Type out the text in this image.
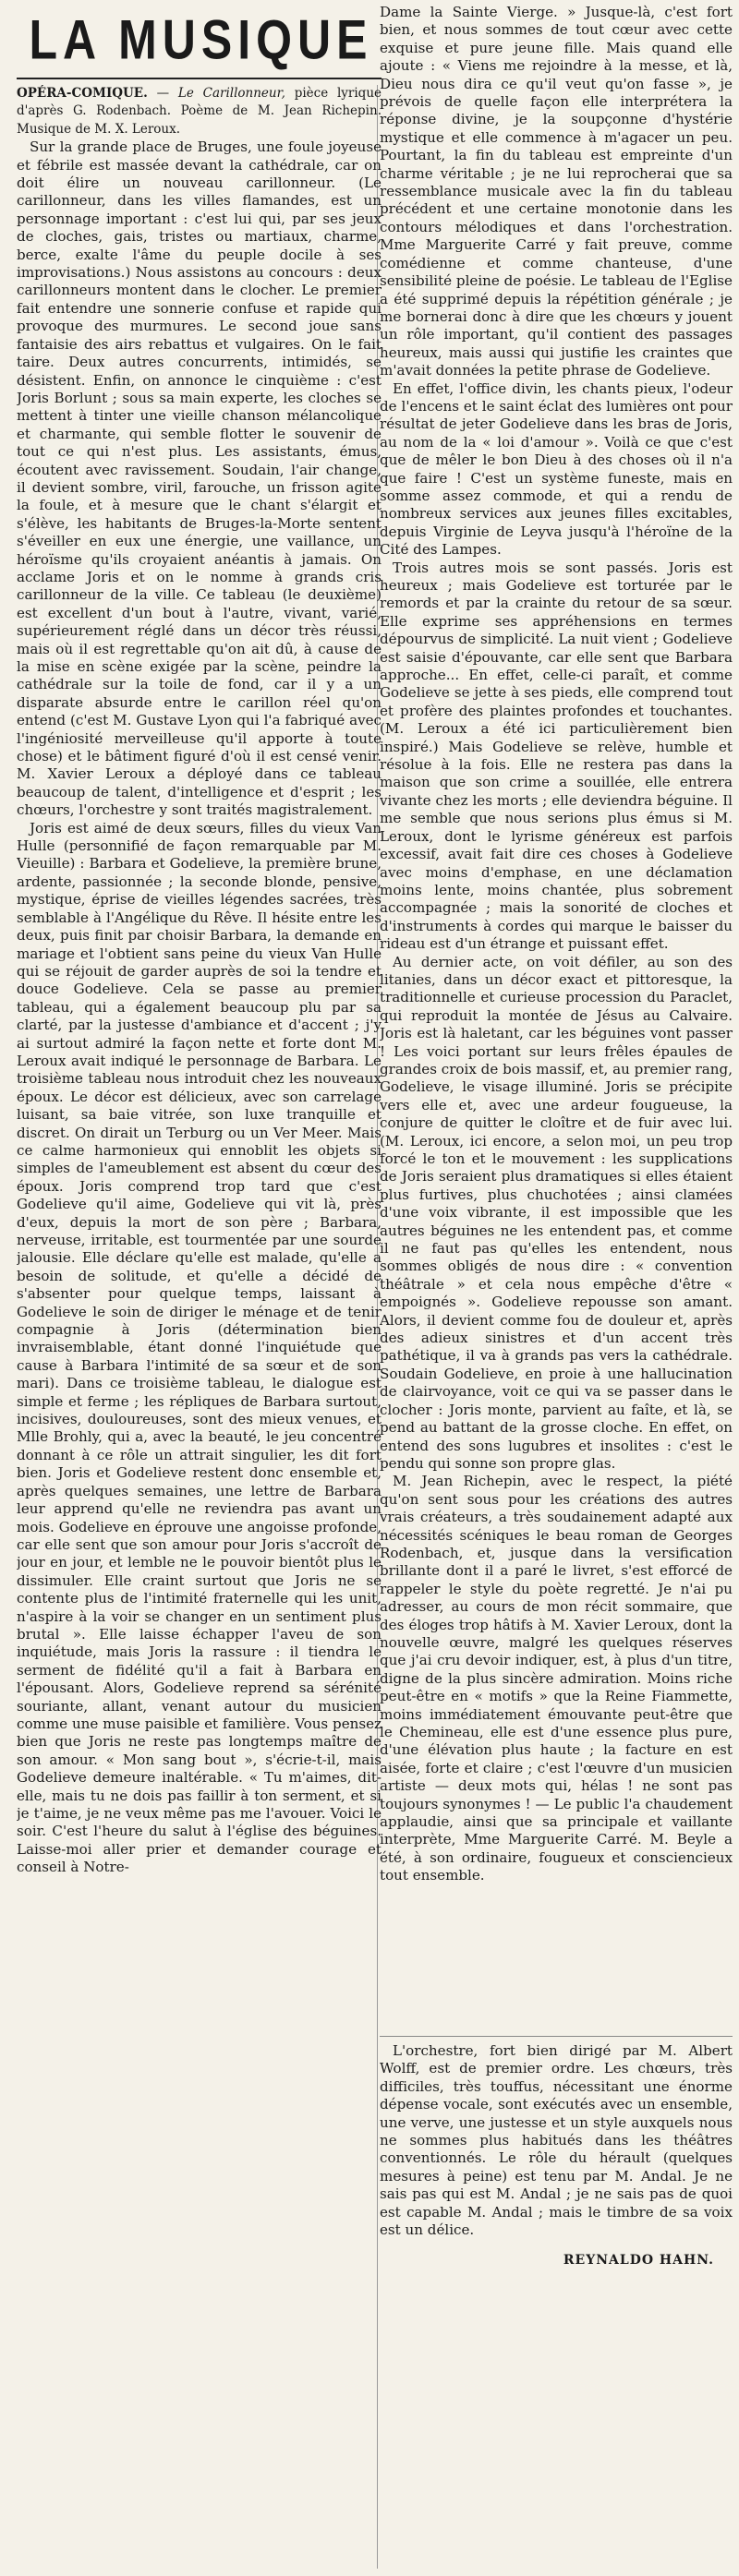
LA MUSIQUE

OPÉRA-COMIQUE. — Le Carillonneur, pièce lyrique d'après G. Rodenbach. Poème de M. Jean Richepin. Musique de M. X. Leroux.

Sur la grande place de Bruges, une foule joyeuse et fébrile est massée devant la cathédrale, car on doit élire un nouveau carillonneur. (Le carillonneur, dans les villes flamandes, est un personnage important : c'est lui qui, par ses jeux de cloches, gais, tristes ou martiaux, charme, berce, exalte l'âme du peuple docile à ses improvisations.) Nous assistons au concours : deux carillonneurs montent dans le clocher. Le premier fait entendre une sonnerie confuse et rapide qui provoque des murmures. Le second joue sans fantaisie des airs rebattus et vulgaires. On le fait taire. Deux autres concurrents, intimidés, se désistent. Enfin, on annonce le cinquième : c'est Joris Borlunt ; sous sa main experte, les cloches se mettent à tinter une vieille chanson mélancolique et charmante, qui semble flotter le souvenir de tout ce qui n'est plus. Les assistants, émus, écoutent avec ravissement. Soudain, l'air change, il devient sombre, viril, farouche, un frisson agite la foule, et à mesure que le chant s'élargit et s'élève, les habitants de Bruges-la-Morte sentent s'éveiller en eux une énergie, une vaillance, un héroïsme qu'ils croyaient anéantis à jamais. On acclame Joris et on le nomme à grands cris carillonneur de la ville. Ce tableau (le deuxième) est excellent d'un bout à l'autre, vivant, varié, supérieurement réglé dans un décor très réussi, mais où il est regrettable qu'on ait dû, à cause de la mise en scène exigée par la scène, peindre la cathédrale sur la toile de fond, car il y a un disparate absurde entre le carillon réel qu'on entend (c'est M. Gustave Lyon qui l'a fabriqué avec l'ingéniosité merveilleuse qu'il apporte à toute chose) et le bâtiment figuré d'où il est censé venir. M. Xavier Leroux a déployé dans ce tableau beaucoup de talent, d'intelligence et d'esprit ; les chœurs, l'orchestre y sont traités magistralement.

Joris est aimé de deux sœurs, filles du vieux Van Hulle (personnifié de façon remarquable par M. Vieuille) : Barbara et Godelieve, la première brune, ardente, passionnée ; la seconde blonde, pensive, mystique, éprise de vieilles légendes sacrées, très semblable à l'Angélique du Rêve. Il hésite entre les deux, puis finit par choisir Barbara, la demande en mariage et l'obtient sans peine du vieux Van Hulle qui se réjouit de garder auprès de soi la tendre et douce Godelieve. Cela se passe au premier tableau, qui a également beaucoup plu par sa clarté, par la justesse d'ambiance et d'accent ; j'y ai surtout admiré la façon nette et forte dont M. Leroux avait indiqué le personnage de Barbara. Le troisième tableau nous introduit chez les nouveaux époux. Le décor est délicieux, avec son carrelage luisant, sa baie vitrée, son luxe tranquille et discret. On dirait un Terburg ou un Ver Meer. Mais ce calme harmonieux qui ennoblit les objets si simples de l'ameublement est absent du cœur des époux. Joris comprend trop tard que c'est Godelieve qu'il aime, Godelieve qui vit là, près d'eux, depuis la mort de son père ; Barbara, nerveuse, irritable, est tourmentée par une sourde jalousie. Elle déclare qu'elle est malade, qu'elle a besoin de solitude, et qu'elle a décidé de s'absenter pour quelque temps, laissant à Godelieve le soin de diriger le ménage et de tenir compagnie à Joris (détermination bien invraisemblable, étant donné l'inquiétude que cause à Barbara l'intimité de sa sœur et de son mari). Dans ce troisième tableau, le dialogue est simple et ferme ; les répliques de Barbara surtout, incisives, douloureuses, sont des mieux venues, et Mlle Brohly, qui a, avec la beauté, le jeu concentré donnant à ce rôle un attrait singulier, les dit fort bien. Joris et Godelieve restent donc ensemble et, après quelques semaines, une lettre de Barbara leur apprend qu'elle ne reviendra pas avant un mois. Godelieve en éprouve une angoisse profonde, car elle sent que son amour pour Joris s'accroît de jour en jour, et lemble ne le pouvoir bientôt plus le dissimuler. Elle craint surtout que Joris ne se contente plus de l'intimité fraternelle qui les unit, n'aspire à la voir se changer en un sentiment plus brutal ». Elle laisse échapper l'aveu de son inquiétude, mais Joris la rassure : il tiendra le serment de fidélité qu'il a fait à Barbara en l'épousant. Alors, Godelieve reprend sa sérénité souriante, allant, venant autour du musicien comme une muse paisible et familière. Vous pensez bien que Joris ne reste pas longtemps maître de son amour. « Mon sang bout », s'écrie-t-il, mais Godelieve demeure inaltérable. « Tu m'aimes, dit-elle, mais tu ne dois pas faillir à ton serment, et si je t'aime, je ne veux même pas me l'avouer. Voici le soir. C'est l'heure du salut à l'église des béguines. Laisse-moi aller prier et demander courage et conseil à Notre-

Dame la Sainte Vierge. » Jusque-là, c'est fort bien, et nous sommes de tout cœur avec cette exquise et pure jeune fille. Mais quand elle ajoute : « Viens me rejoindre à la messe, et là, Dieu nous dira ce qu'il veut qu'on fasse », je prévois de quelle façon elle interprétera la réponse divine, je la soupçonne d'hystérie mystique et elle commence à m'agacer un peu. Pourtant, la fin du tableau est empreinte d'un charme véritable ; je ne lui reprocherai que sa ressemblance musicale avec la fin du tableau précédent et une certaine monotonie dans les contours mélodiques et dans l'orchestration. Mme Marguerite Carré y fait preuve, comme comédienne et comme chanteuse, d'une sensibilité pleine de poésie. Le tableau de l'Eglise a été supprimé depuis la répétition générale ; je me bornerai donc à dire que les chœurs y jouent un rôle important, qu'il contient des passages heureux, mais aussi qui justifie les craintes que m'avait données la petite phrase de Godelieve.

En effet, l'office divin, les chants pieux, l'odeur de l'encens et le saint éclat des lumières ont pour résultat de jeter Godelieve dans les bras de Joris, au nom de la « loi d'amour ». Voilà ce que c'est que de mêler le bon Dieu à des choses où il n'a que faire ! C'est un système funeste, mais en somme assez commode, et qui a rendu de nombreux services aux jeunes filles excitables, depuis Virginie de Leyva jusqu'à l'héroïne de la Cité des Lampes.

Trois autres mois se sont passés. Joris est heureux ; mais Godelieve est torturée par le remords et par la crainte du retour de sa sœur. Elle exprime ses appréhensions en termes dépourvus de simplicité. La nuit vient ; Godelieve est saisie d'épouvante, car elle sent que Barbara approche... En effet, celle-ci paraît, et comme Godelieve se jette à ses pieds, elle comprend tout et profère des plaintes profondes et touchantes. (M. Leroux a été ici particulièrement bien inspiré.) Mais Godelieve se relève, humble et résolue à la fois. Elle ne restera pas dans la maison que son crime a souillée, elle entrera vivante chez les morts ; elle deviendra béguine. Il me semble que nous serions plus émus si M. Leroux, dont le lyrisme généreux est parfois excessif, avait fait dire ces choses à Godelieve avec moins d'emphase, en une déclamation moins lente, moins chantée, plus sobrement accompagnée ; mais la sonorité de cloches et d'instruments à cordes qui marque le baisser du rideau est d'un étrange et puissant effet.

Au dernier acte, on voit défiler, au son des litanies, dans un décor exact et pittoresque, la traditionnelle et curieuse procession du Paraclet, qui reproduit la montée de Jésus au Calvaire. Joris est là haletant, car les béguines vont passer ! Les voici portant sur leurs frêles épaules de grandes croix de bois massif, et, au premier rang, Godelieve, le visage illuminé. Joris se précipite vers elle et, avec une ardeur fougueuse, la conjure de quitter le cloître et de fuir avec lui. (M. Leroux, ici encore, a selon moi, un peu trop forcé le ton et le mouvement : les supplications de Joris seraient plus dramatiques si elles étaient plus furtives, plus chuchotées ; ainsi clamées d'une voix vibrante, il est impossible que les autres béguines ne les entendent pas, et comme il ne faut pas qu'elles les entendent, nous sommes obligés de nous dire : « convention théâtrale » et cela nous empêche d'être « empoignés ». Godelieve repousse son amant. Alors, il devient comme fou de douleur et, après des adieux sinistres et d'un accent très pathétique, il va à grands pas vers la cathédrale. Soudain Godelieve, en proie à une hallucination de clairvoyance, voit ce qui va se passer dans le clocher : Joris monte, parvient au faîte, et là, se pend au battant de la grosse cloche. En effet, on entend des sons lugubres et insolites : c'est le pendu qui sonne son propre glas.

M. Jean Richepin, avec le respect, la piété qu'on sent sous pour les créations des autres vrais créateurs, a très soudainement adapté aux nécessités scéniques le beau roman de Georges Rodenbach, et, jusque dans la versification brillante dont il a paré le livret, s'est efforcé de rappeler le style du poète regretté. Je n'ai pu adresser, au cours de mon récit sommaire, que des éloges trop hâtifs à M. Xavier Leroux, dont la nouvelle œuvre, malgré les quelques réserves que j'ai cru devoir indiquer, est, à plus d'un titre, digne de la plus sincère admiration. Moins riche peut-être en « motifs » que la Reine Fiammette, moins immédiatement émouvante peut-être que le Chemineau, elle est d'une essence plus pure, d'une élévation plus haute ; la facture en est aisée, forte et claire ; c'est l'œuvre d'un musicien artiste — deux mots qui, hélas ! ne sont pas toujours synonymes ! — Le public l'a chaudement applaudie, ainsi que sa principale et vaillante interprète, Mme Marguerite Carré. M. Beyle a été, à son ordinaire, fougueux et consciencieux tout ensemble.

L'orchestre, fort bien dirigé par M. Albert Wolff, est de premier ordre. Les chœurs, très difficiles, très touffus, nécessitant une énorme dépense vocale, sont exécutés avec un ensemble, une verve, une justesse et un style auxquels nous ne sommes plus habitués dans les théâtres conventionnés. Le rôle du hérault (quelques mesures à peine) est tenu par M. Andal. Je ne sais pas qui est M. Andal ; je ne sais pas de quoi est capable M. Andal ; mais le timbre de sa voix est un délice.

REYNALDO HAHN.
